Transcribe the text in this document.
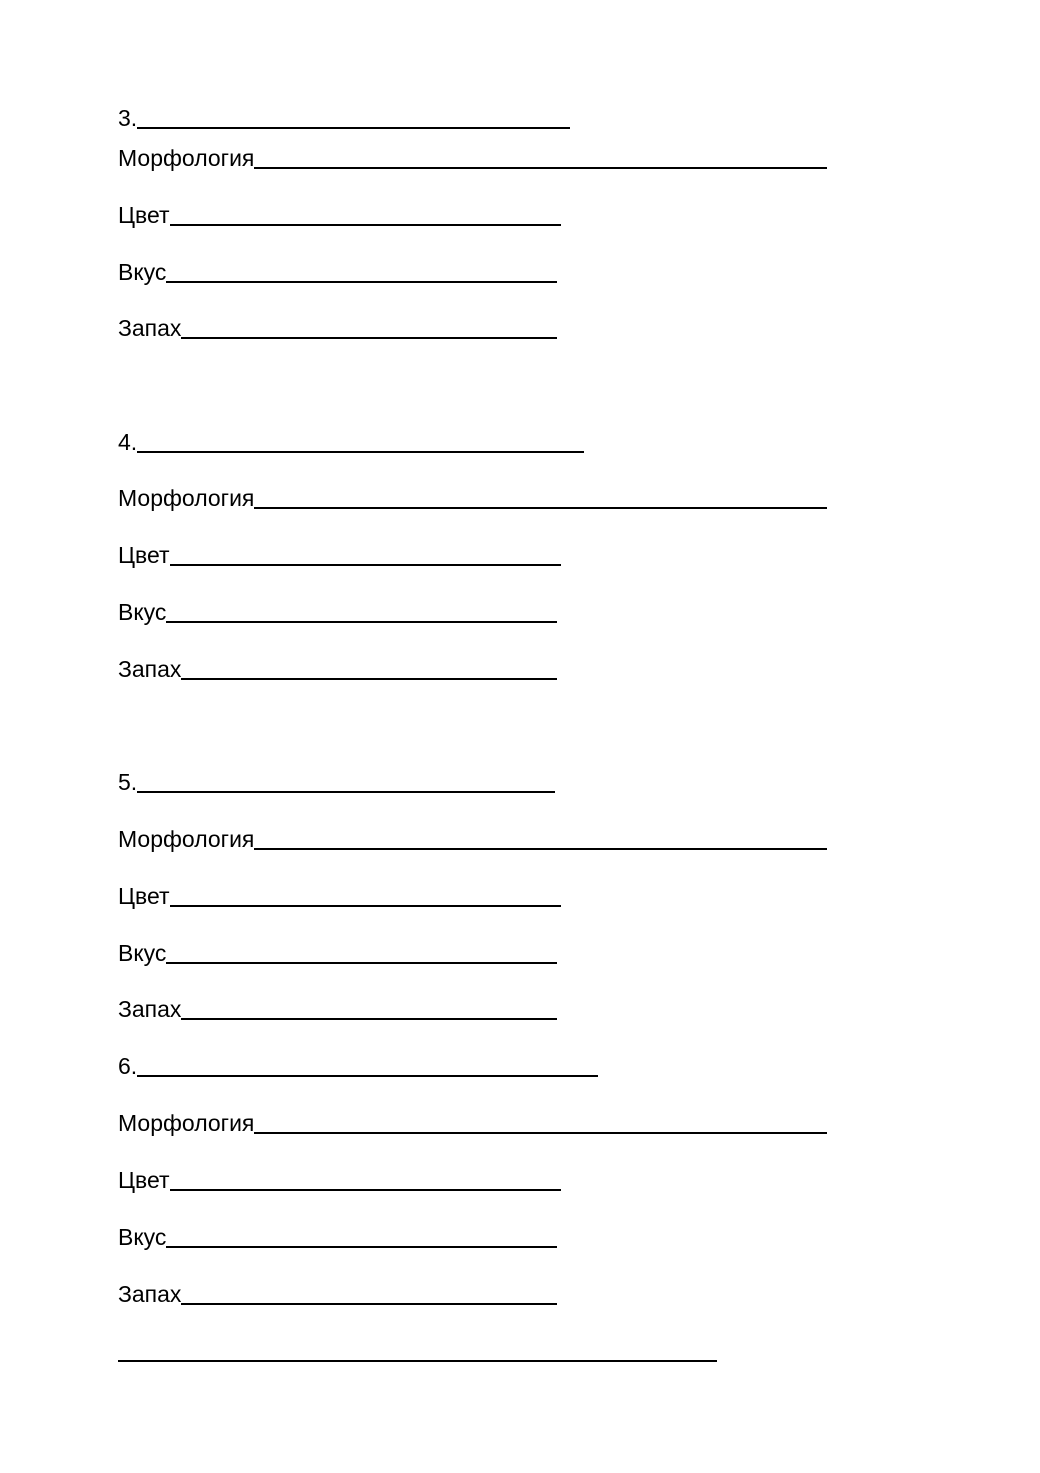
3.
Морфология
Цвет
Вкус
Запах
4.
Морфология
Цвет
Вкус
Запах
5.
Морфология
Цвет
Вкус
Запах
6.
Морфология
Цвет
Вкус
Запах
